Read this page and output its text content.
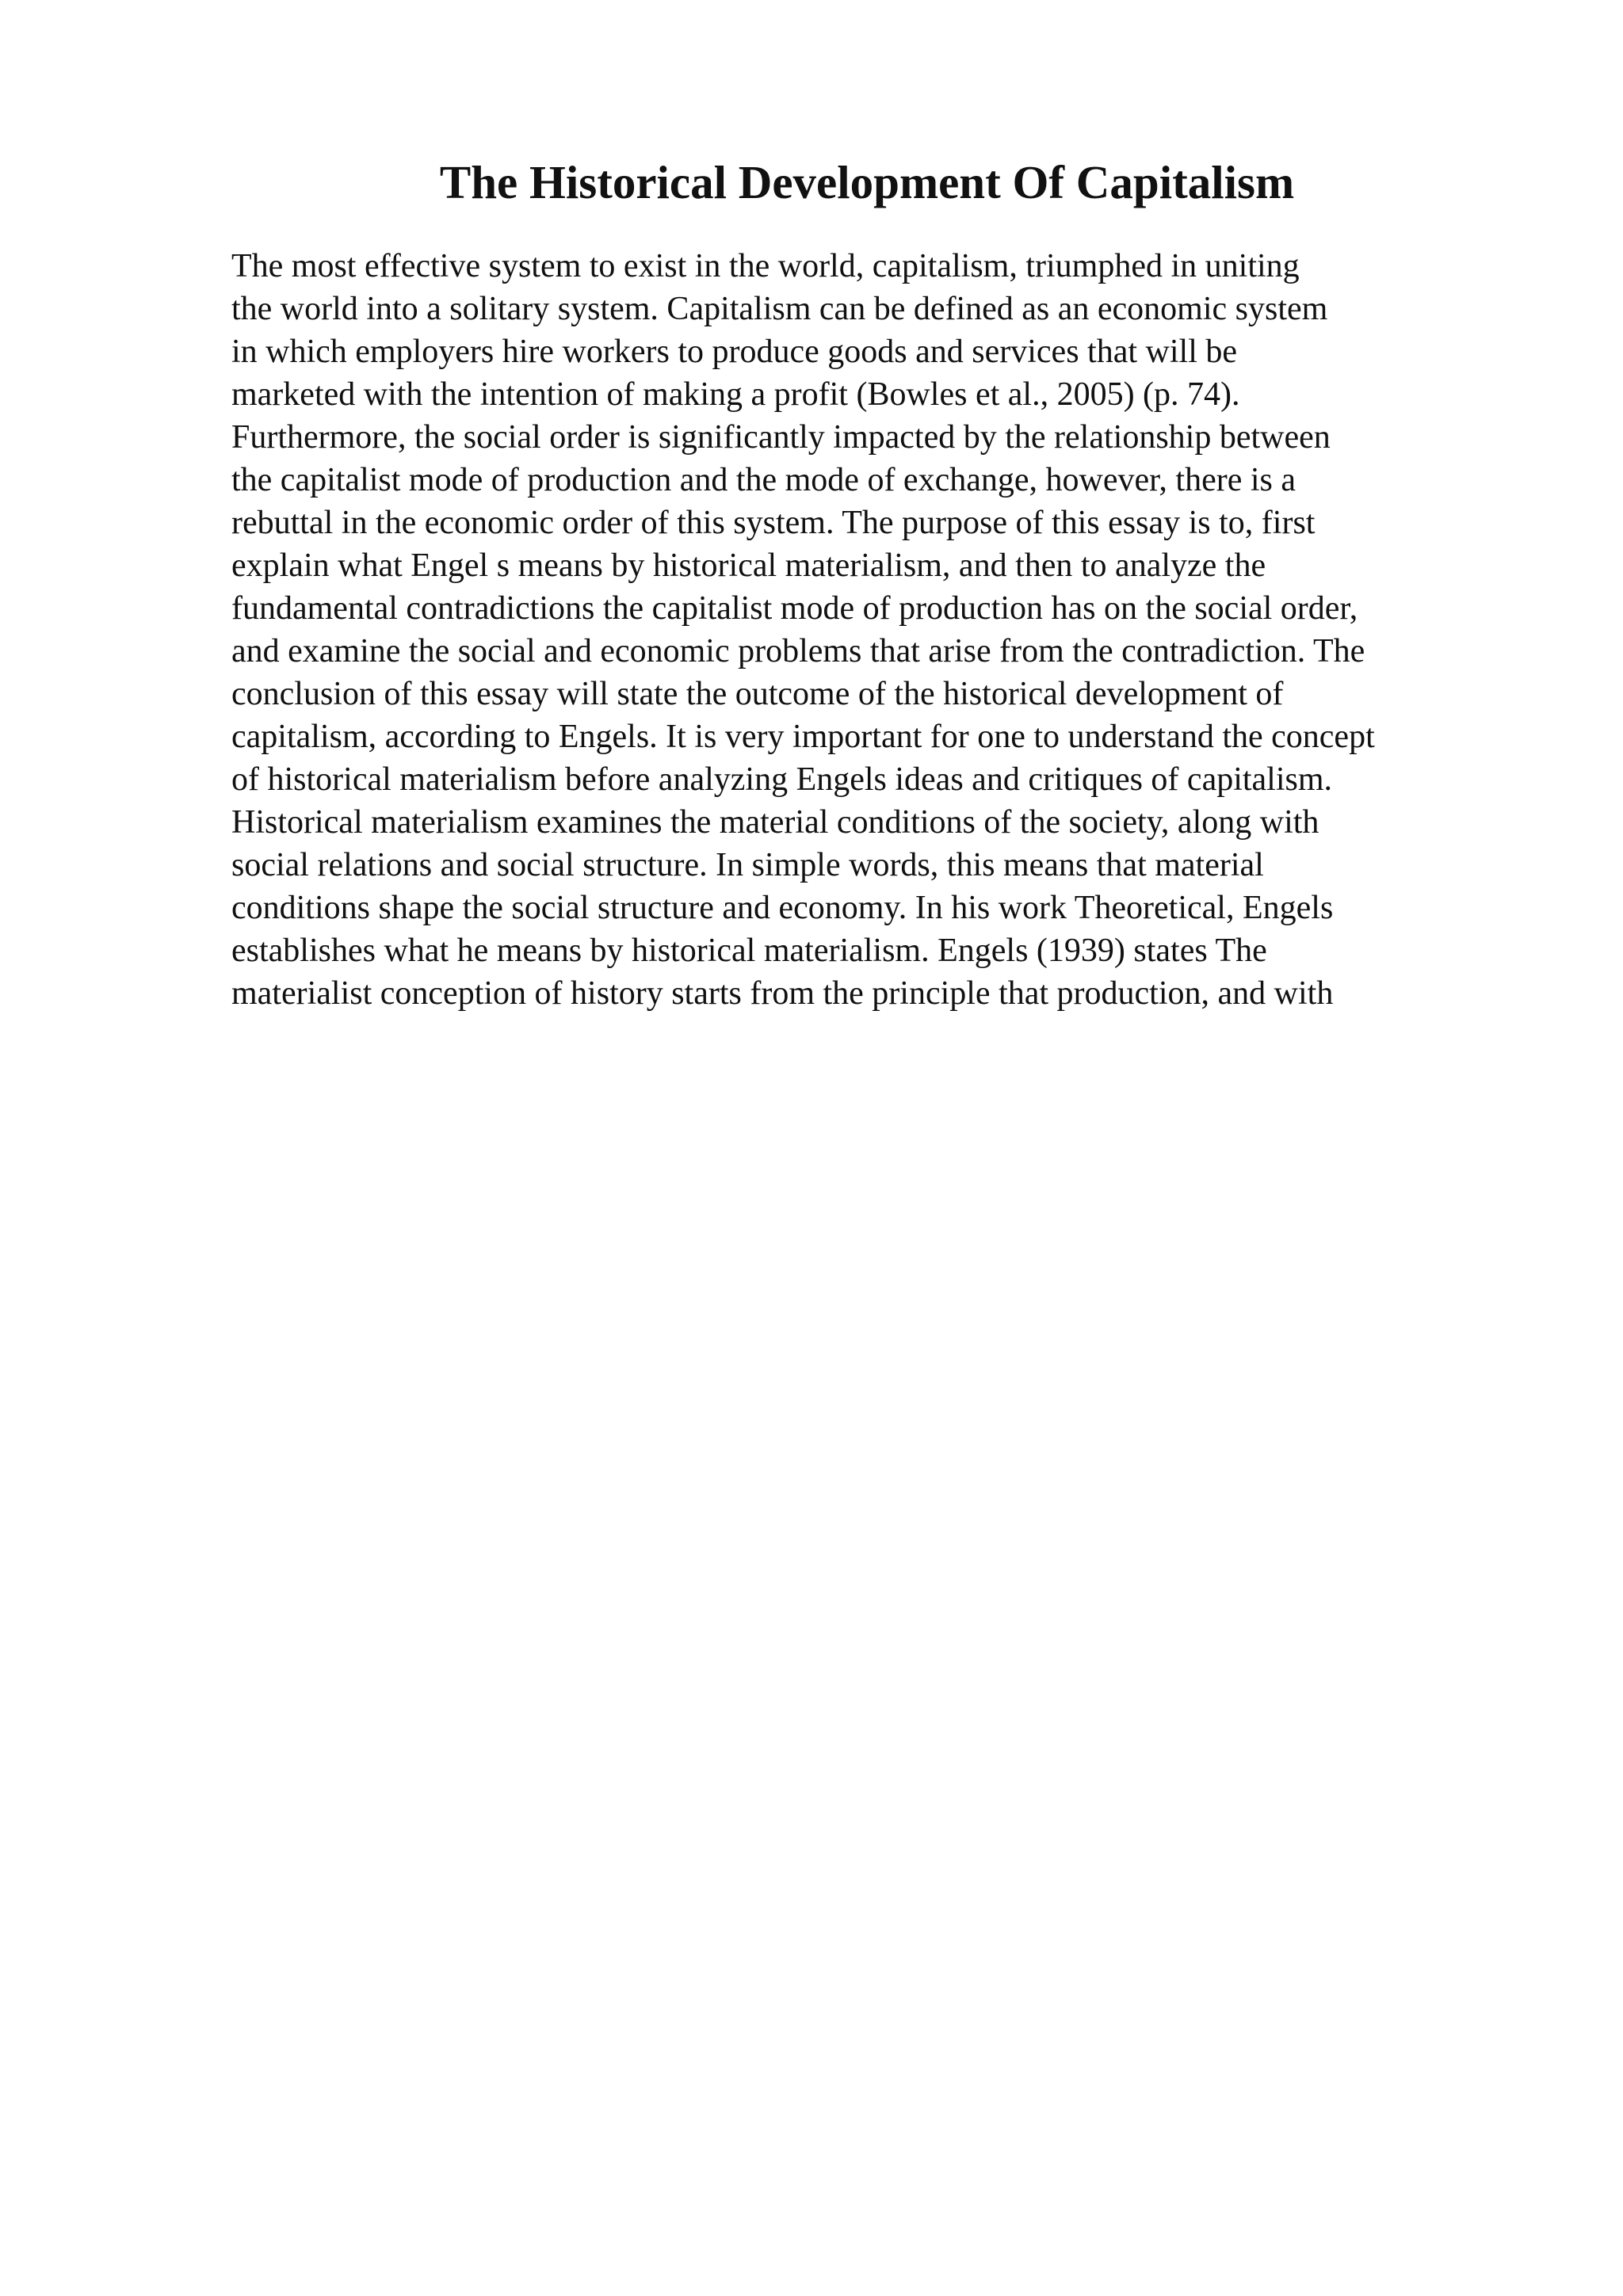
The Historical Development Of Capitalism
The most effective system to exist in the world, capitalism, triumphed in uniting
the world into a solitary system. Capitalism can be defined as an economic system
in which employers hire workers to produce goods and services that will be
marketed with the intention of making a profit (Bowles et al., 2005) (p. 74).
Furthermore, the social order is significantly impacted by the relationship between
the capitalist mode of production and the mode of exchange, however, there is a
rebuttal in the economic order of this system. The purpose of this essay is to, first
explain what Engel s means by historical materialism, and then to analyze the
fundamental contradictions the capitalist mode of production has on the social order,
and examine the social and economic problems that arise from the contradiction. The
conclusion of this essay will state the outcome of the historical development of
capitalism, according to Engels. It is very important for one to understand the concept
of historical materialism before analyzing Engels ideas and critiques of capitalism.
Historical materialism examines the material conditions of the society, along with
social relations and social structure. In simple words, this means that material
conditions shape the social structure and economy. In his work Theoretical, Engels
establishes what he means by historical materialism. Engels (1939) states The
materialist conception of history starts from the principle that production, and with
